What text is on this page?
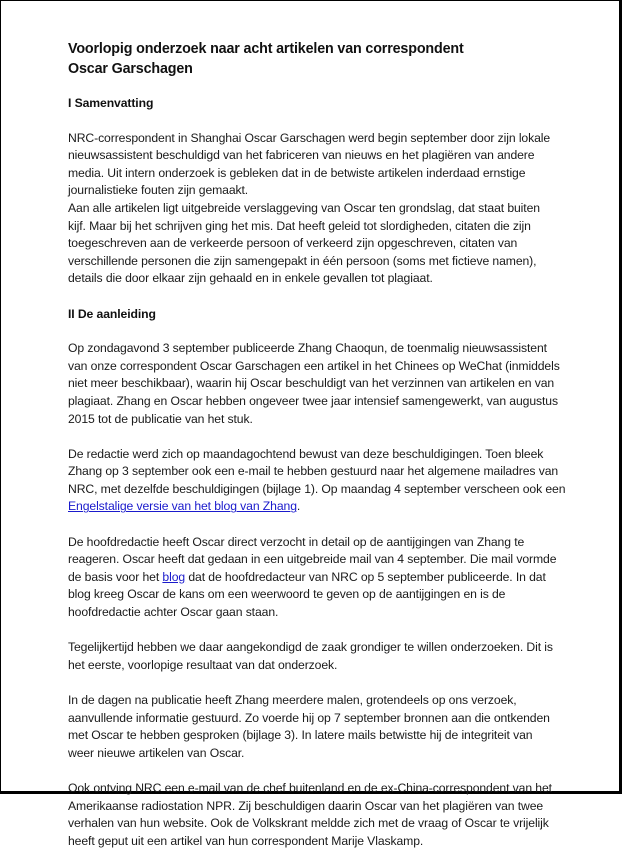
Voorlopig onderzoek naar acht artikelen van correspondent
Oscar Garschagen
I Samenvatting

NRC-correspondent in Shanghai Oscar Garschagen werd begin september door zijn lokale
nieuwsassistent beschuldigd van het fabriceren van nieuws en het plagiëren van andere
media. Uit intern onderzoek is gebleken dat in de betwiste artikelen inderdaad ernstige
journalistieke fouten zijn gemaakt.

Aan alle artikelen ligt uitgebreide verslaggeving van Oscar ten grondslag, dat staat buiten
kijf. Maar bij het schrijven ging het mis. Dat heeft geleid tot slordigheden, citaten die zijn
toegeschreven aan de verkeerde persoon of verkeerd zijn opgeschreven, citaten van
verschillende personen die zijn samengepakt in één persoon (soms met fictieve namen),
details die door elkaar zijn gehaald en in enkele gevallen tot plagiaat.

II De aanleiding

Op zondagavond 3 september publiceerde Zhang Chaoqun, de toenmalig nieuwsassistent
van onze correspondent Oscar Garschagen een artikel in het Chinees op WeChat (inmiddels
niet meer beschikbaar), waarin hij Oscar beschuldigt van het verzinnen van artikelen en van
plagiaat. Zhang en Oscar hebben ongeveer twee jaar intensief samengewerkt, van augustus
2015 tot de publicatie van het stuk.

De redactie werd zich op maandagochtend bewust van deze beschuldigingen. Toen bleek
Zhang op 3 september ook een e-mail te hebben gestuurd naar het algemene mailadres van
NRC, met dezelfde beschuldigingen (bijlage 1). Op maandag 4 september verscheen ook een
Engelstalige versie van het blog van Zhang.

De hoofdredactie heeft Oscar direct verzocht in detail op de aantijgingen van Zhang te
reageren. Oscar heeft dat gedaan in een uitgebreide mail van 4 september. Die mail vormde
de basis voor het blog dat de hoofdredacteur van NRC op 5 september publiceerde. In dat
blog kreeg Oscar de kans om een weerwoord te geven op de aantijgingen en is de
hoofdredactie achter Oscar gaan staan.

Tegelijkertijd hebben we daar aangekondigd de zaak grondiger te willen onderzoeken. Dit is
het eerste, voorlopige resultaat van dat onderzoek.

In de dagen na publicatie heeft Zhang meerdere malen, grotendeels op ons verzoek,
aanvullende informatie gestuurd. Zo voerde hij op 7 september bronnen aan die ontkenden
met Oscar te hebben gesproken (bijlage 3). In latere mails betwistte hij de integriteit van
weer nieuwe artikelen van Oscar.

Ook ontving NRC een e-mail van de chef buitenland en de ex-China-correspondent van het
Amerikaanse radiostation NPR. Zij beschuldigen daarin Oscar van het plagiëren van twee
verhalen van hun website. Ook de Volkskrant meldde zich met de vraag of Oscar te vrijelijk
heeft geput uit een artikel van hun correspondent Marije Vlaskamp.
